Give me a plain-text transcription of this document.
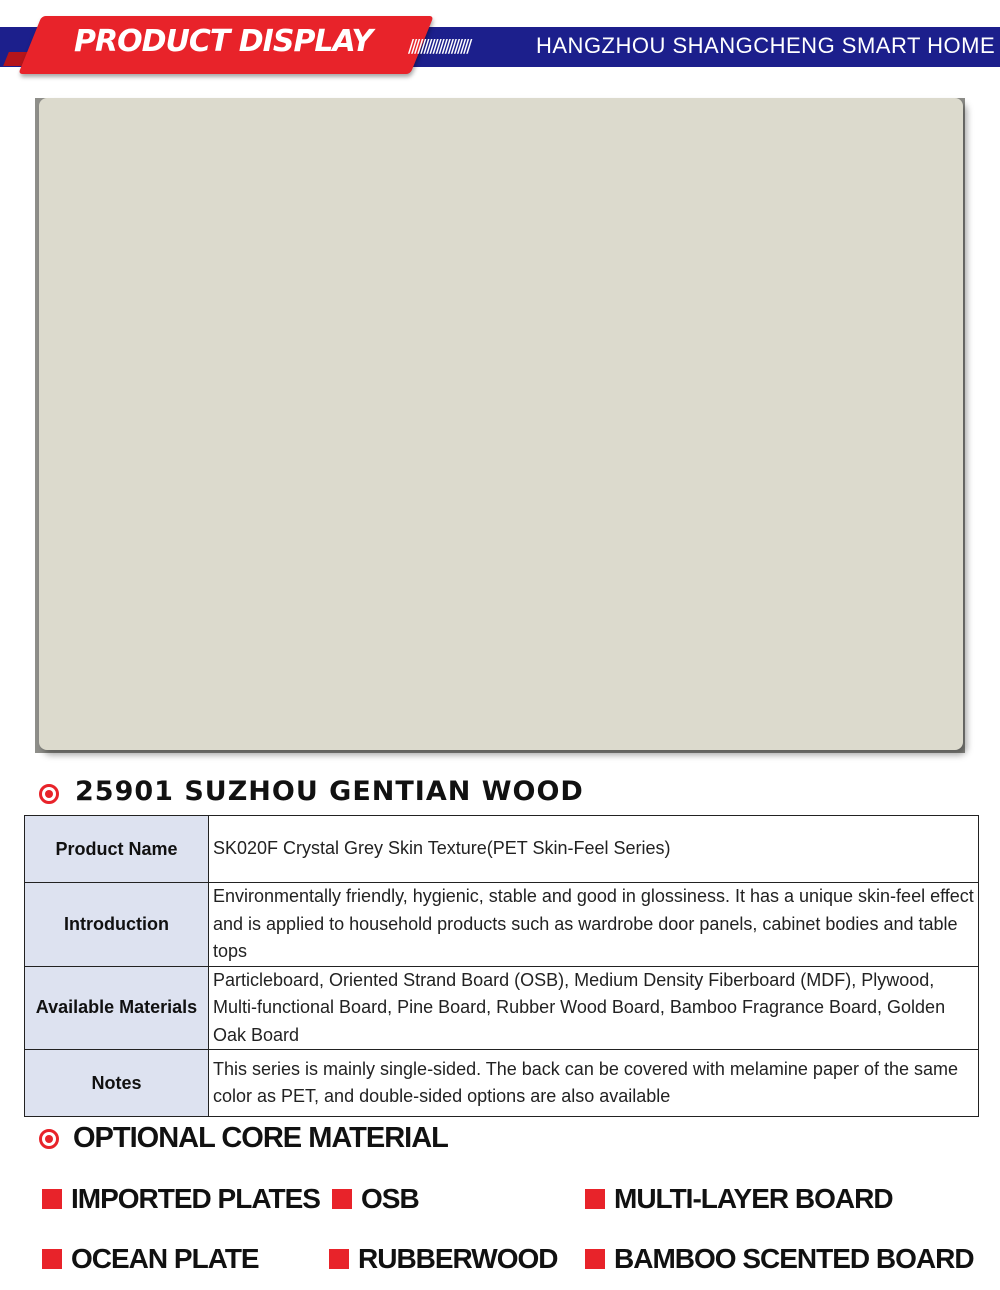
PRODUCT DISPLAY ////////////////////	HANGZHOU SHANGCHENG SMART HOME
25901 SUZHOU GENTIAN WOOD
Product Name	SK020F Crystal Grey Skin Texture(PET Skin-Feel Series)
Introduction	Environmentally friendly, hygienic, stable and good in glossiness. It has a unique skin-feel effect and is applied to household products such as wardrobe door panels, cabinet bodies and table tops
Available Materials	Particleboard, Oriented Strand Board (OSB), Medium Density Fiberboard (MDF), Plywood, Multi-functional Board, Pine Board, Rubber Wood Board, Bamboo Fragrance Board, Golden Oak Board
Notes	This series is mainly single-sided. The back can be covered with melamine paper of the same color as PET, and double-sided options are also available
OPTIONAL CORE MATERIAL
IMPORTED PLATES OSB	MULTI-LAYER BOARD
OCEAN PLATE	RUBBERWOOD BAMBOO SCENTED BOARD
